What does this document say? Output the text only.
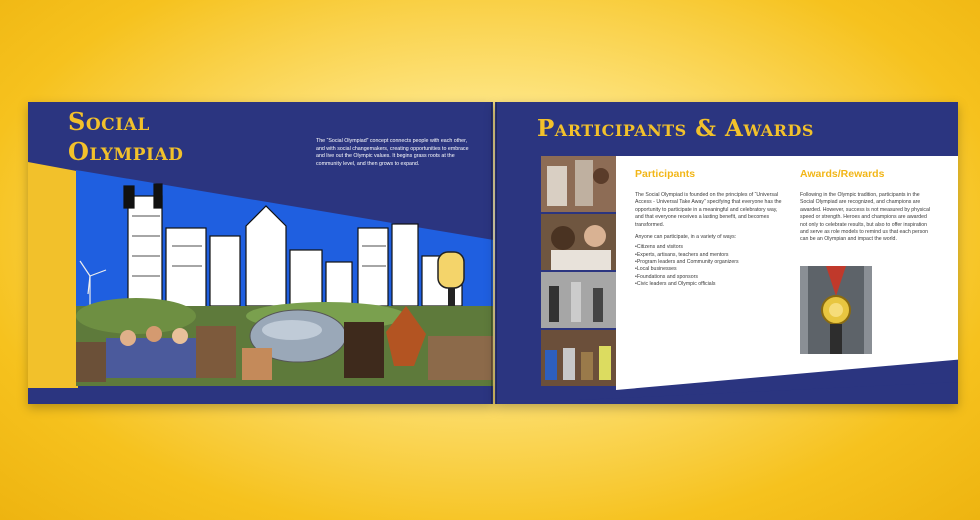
Social
Olympiad	The “Social Olympiad” concept connects people with each other, and with social changemakers, creating opportunities to embrace and live out the Olympic values. It begins grass roots at the community level, and then grows to expand.
Participants & Awards
Participants
The Social Olympiad is founded on the principles of “Universal Access - Universal Take Away” specifying that everyone has the opportunity to participate in a meaningful and celebratory way, and that everyone receives a lasting benefit, and becomes transformed.
Anyone can participate, in a variety of ways:
• Citizens and visitors
• Experts, artisans, teachers and mentors
• Program leaders and Community organizers
• Local businesses
• Foundations and sponsors
• Civic leaders and Olympic officials
Awards/Rewards
Following in the Olympic tradition, participants in the Social Olympiad are recognized, and champions are awarded. However, success is not measured by physical speed or strength. Heroes and champions are awarded not only to celebrate results, but also to offer inspiration and serve as role models to remind us that each person can be an Olympian and impact the world.
